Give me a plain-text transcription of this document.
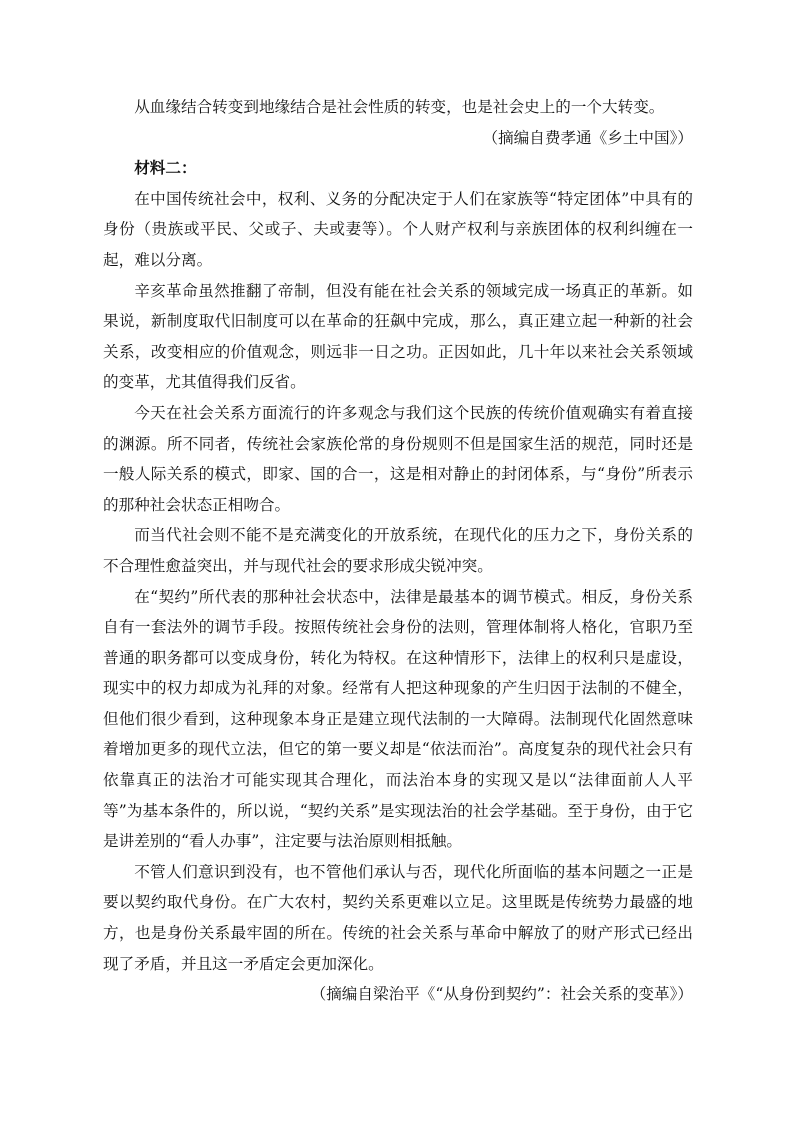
从血缘结合转变到地缘结合是社会性质的转变，也是社会史上的一个大转变。

（摘编自费孝通《乡土中国》）

材料二：

在中国传统社会中，权利、义务的分配决定于人们在家族等“特定团体”中具有的身份（贵族或平民、父或子、夫或妻等）。个人财产权利与亲族团体的权利纠缠在一起，难以分离。

辛亥革命虽然推翻了帝制，但没有能在社会关系的领域完成一场真正的革新。如果说，新制度取代旧制度可以在革命的狂飙中完成，那么，真正建立起一种新的社会关系，改变相应的价值观念，则远非一日之功。正因如此，几十年以来社会关系领域的变革，尤其值得我们反省。

今天在社会关系方面流行的许多观念与我们这个民族的传统价值观确实有着直接的渊源。所不同者，传统社会家族伦常的身份规则不但是国家生活的规范，同时还是一般人际关系的模式，即家、国的合一，这是相对静止的封闭体系，与“身份”所表示的那种社会状态正相吻合。

而当代社会则不能不是充满变化的开放系统，在现代化的压力之下，身份关系的不合理性愈益突出，并与现代社会的要求形成尖锐冲突。

在“契约”所代表的那种社会状态中，法律是最基本的调节模式。相反，身份关系自有一套法外的调节手段。按照传统社会身份的法则，管理体制将人格化，官职乃至普通的职务都可以变成身份，转化为特权。在这种情形下，法律上的权利只是虚设，现实中的权力却成为礼拜的对象。经常有人把这种现象的产生归因于法制的不健全，但他们很少看到，这种现象本身正是建立现代法制的一大障碍。法制现代化固然意味着增加更多的现代立法，但它的第一要义却是“依法而治”。高度复杂的现代社会只有依靠真正的法治才可能实现其合理化，而法治本身的实现又是以“法律面前人人平等”为基本条件的，所以说，“契约关系”是实现法治的社会学基础。至于身份，由于它是讲差别的“看人办事”，注定要与法治原则相抵触。

不管人们意识到没有，也不管他们承认与否，现代化所面临的基本问题之一正是要以契约取代身份。在广大农村，契约关系更难以立足。这里既是传统势力最盛的地方，也是身份关系最牢固的所在。传统的社会关系与革命中解放了的财产形式已经出现了矛盾，并且这一矛盾定会更加深化。

（摘编自梁治平《“从身份到契约”：社会关系的变革》）
